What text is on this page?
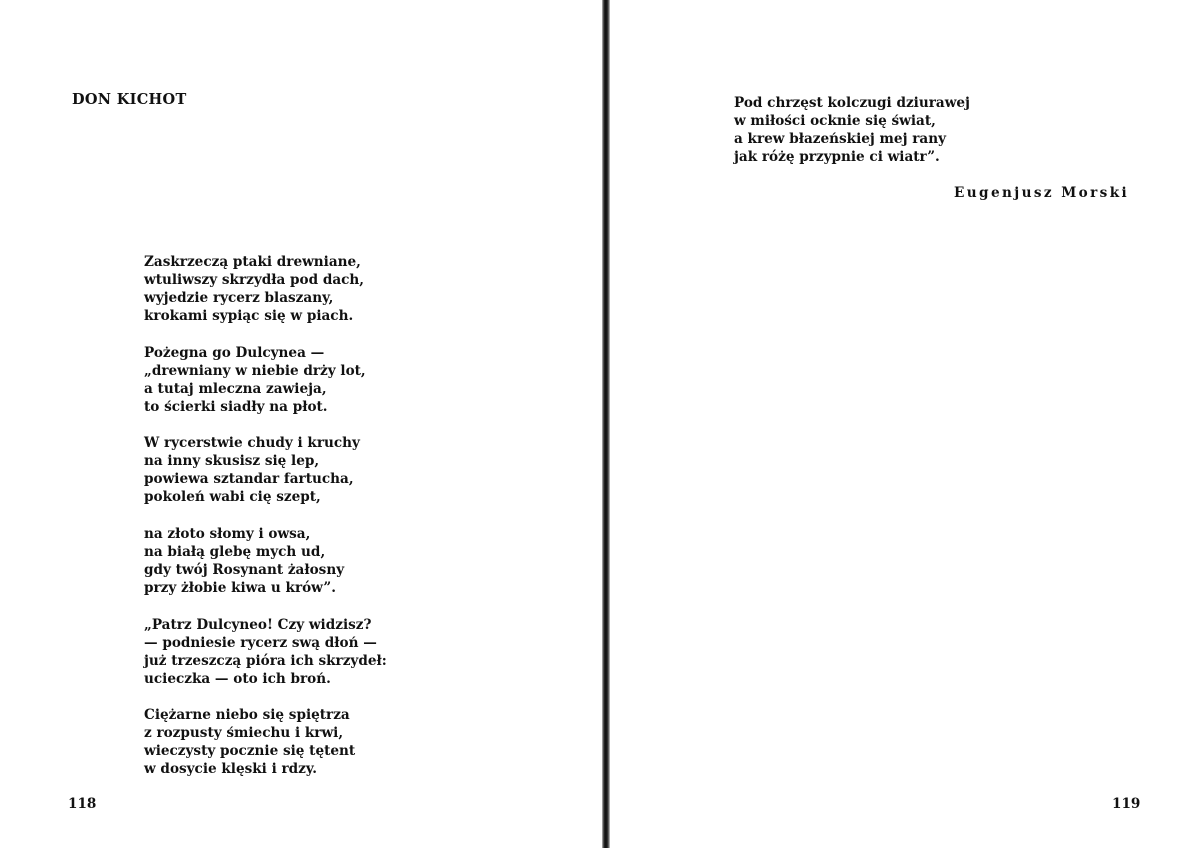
DON KICHOT
Zaskrzeczą ptaki drewniane,
wtuliwszy skrzydła pod dach,
wyjedzie rycerz blaszany,
krokami sypiąc się w piach.
Pożegna go Dulcynea —
„drewniany w niebie drży lot,
a tutaj mleczna zawieja,
to ścierki siadły na płot.
W rycerstwie chudy i kruchy
na inny skusisz się lep,
powiewa sztandar fartucha,
pokoleń wabi cię szept,
na złoto słomy i owsa,
na białą glebę mych ud,
gdy twój Rosynant żałosny
przy żłobie kiwa u krów”.
„Patrz Dulcyneo! Czy widzisz?
— podniesie rycerz swą dłoń —
już trzeszczą pióra ich skrzydeł:
ucieczka — oto ich broń.
Ciężarne niebo się spiętrza
z rozpusty śmiechu i krwi,
wieczysty pocznie się tętent
w dosycie klęski i rdzy.

118

Pod chrzęst kolczugi dziurawej
w miłości ocknie się świat,
a krew błazeńskiej mej rany
jak różę przypnie ci wiatr”.

Eugenjusz Morski

119
